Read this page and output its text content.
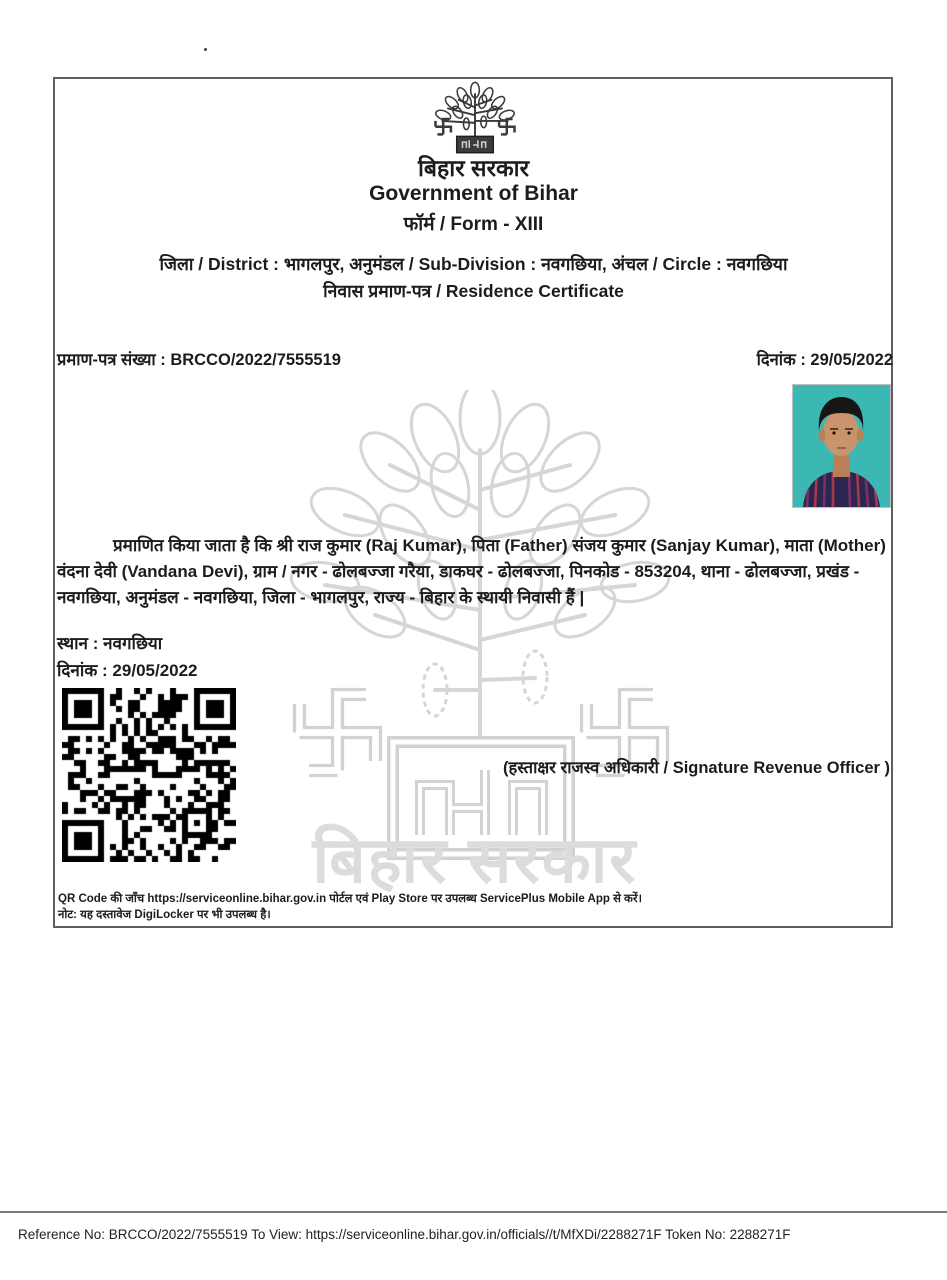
बिहार सरकार
बिहार सरकार
Government of Bihar
फॉर्म / Form - XIII
जिला / District : भागलपुर, अनुमंडल / Sub-Division : नवगछिया, अंचल / Circle : नवगछिया
निवास प्रमाण-पत्र / Residence Certificate
प्रमाण-पत्र संख्या : BRCCO/2022/7555519	दिनांक : 29/05/2022
प्रमाणित किया जाता है कि श्री राज कुमार (Raj Kumar), पिता (Father) संजय कुमार (Sanjay Kumar), माता (Mother) वंदना देवी (Vandana Devi), ग्राम / नगर - ढोलबज्जा गरैया, डाकघर - ढोलबज्जा, पिनकोड - 853204, थाना - ढोलबज्जा, प्रखंड - नवगछिया, अनुमंडल - नवगछिया, जिला - भागलपुर, राज्य - बिहार के स्थायी निवासी हैं |
स्थान : नवगछिया
दिनांक : 29/05/2022
(हस्ताक्षर राजस्व अधिकारी / Signature Revenue Officer )
QR Code की जाँच https://serviceonline.bihar.gov.in पोर्टल एवं Play Store पर उपलब्ध ServicePlus Mobile App से करें।
नोट: यह दस्तावेज DigiLocker पर भी उपलब्ध है।
Reference No: BRCCO/2022/7555519 To View: https://serviceonline.bihar.gov.in/officials//t/MfXDi/2288271F Token No: 2288271F
